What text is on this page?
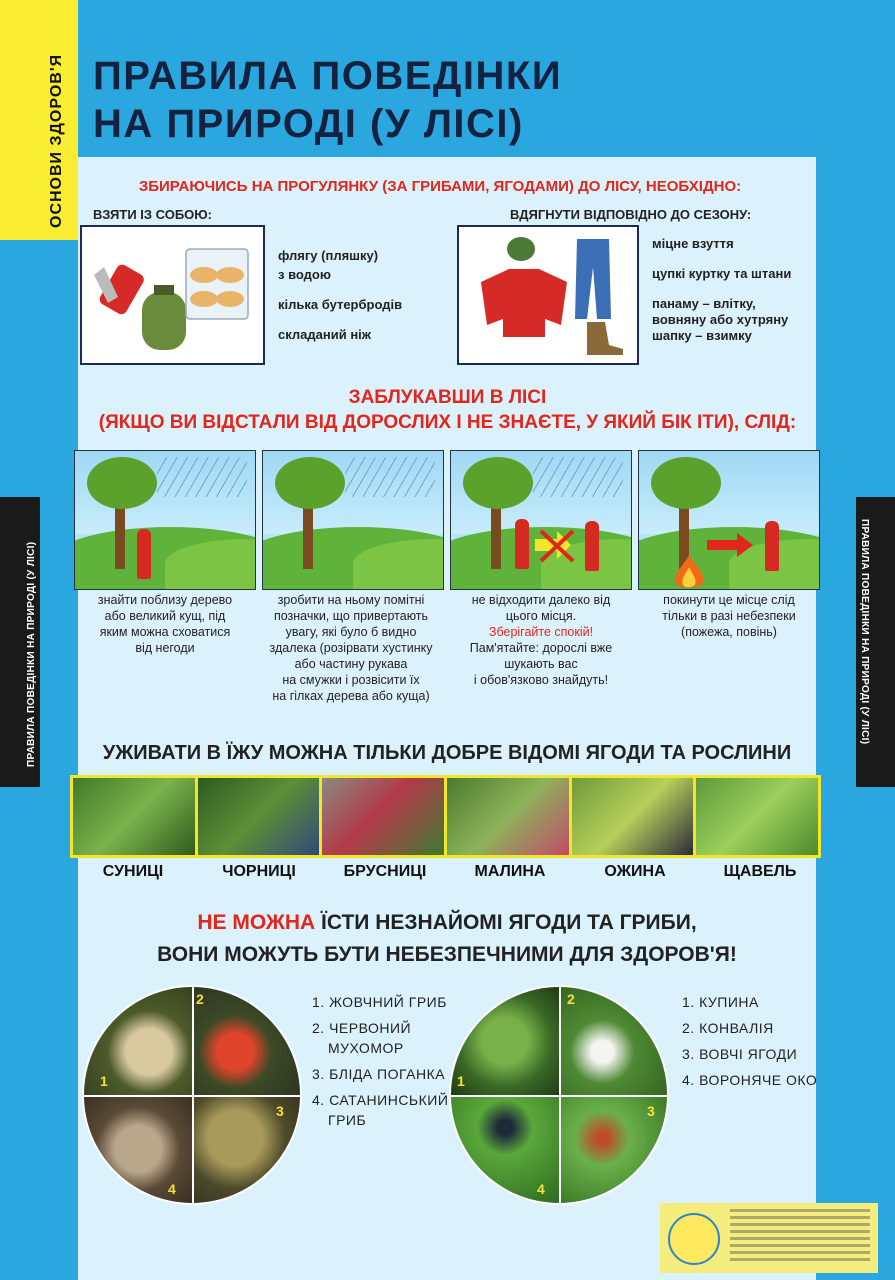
ОСНОВИ ЗДОРОВ'Я ПРАВИЛА ПОВЕДІНКИ
НА ПРИРОДІ (У ЛІСІ)
ПРАВИЛА ПОВЕДІНКИ НА ПРИРОДІ (У ЛІСІ)	ПРАВИЛА ПОВЕДІНКИ НА ПРИРОДІ (У ЛІСІ)
ЗБИРАЮЧИСЬ НА ПРОГУЛЯНКУ (ЗА ГРИБАМИ, ЯГОДАМИ) ДО ЛІСУ, НЕОБХІДНО:
ВЗЯТИ ІЗ СОБОЮ:	ВДЯГНУТИ ВІДПОВІДНО ДО СЕЗОНУ:
флягу (пляшку)
з водою
кілька бутербродів
складаний ніж
міцне взуття
цупкі куртку та штани
панаму – влітку,
вовняну або хутряну
шапку – взимку
ЗАБЛУКАВШИ В ЛІСІ
(ЯКЩО ВИ ВІДСТАЛИ ВІД ДОРОСЛИХ І НЕ ЗНАЄТЕ, У ЯКИЙ БІК ІТИ), СЛІД:
знайти поблизу дерево
або великий кущ, під
яким можна сховатися
від негоди
зробити на ньому помітні
позначки, що привертають
увагу, які було б видно
здалека (розірвати хустинку
або частину рукава
на смужки і розвісити їх
на гілках дерева або куща)
не відходити далеко від
цього місця.
Зберігайте спокій!
Пам'ятайте: дорослі вже
шукають вас
і обов'язково знайдуть!
покинути це місце слід
тільки в разі небезпеки
(пожежа, повінь)
УЖИВАТИ В ЇЖУ МОЖНА ТІЛЬКИ ДОБРЕ ВІДОМІ ЯГОДИ ТА РОСЛИНИ
СУНИЦІ	ЧОРНИЦІ	БРУСНИЦІ	МАЛИНА	ОЖИНА	ЩАВЕЛЬ
НЕ МОЖНА ЇСТИ НЕЗНАЙОМІ ЯГОДИ ТА ГРИБИ,
ВОНИ МОЖУТЬ БУТИ НЕБЕЗПЕЧНИМИ ДЛЯ ЗДОРОВ'Я!
1
2
4
3
1. ЖОВЧНИЙ ГРИБ
2. ЧЕРВОНИЙ
МУХОМОР
3. БЛІДА ПОГАНКА
4. САТАНИНСЬКИЙ
ГРИБ
1
2
4
3
1. КУПИНА
2. КОНВАЛІЯ
3. ВОВЧІ ЯГОДИ
4. ВОРОНЯЧЕ ОКО
